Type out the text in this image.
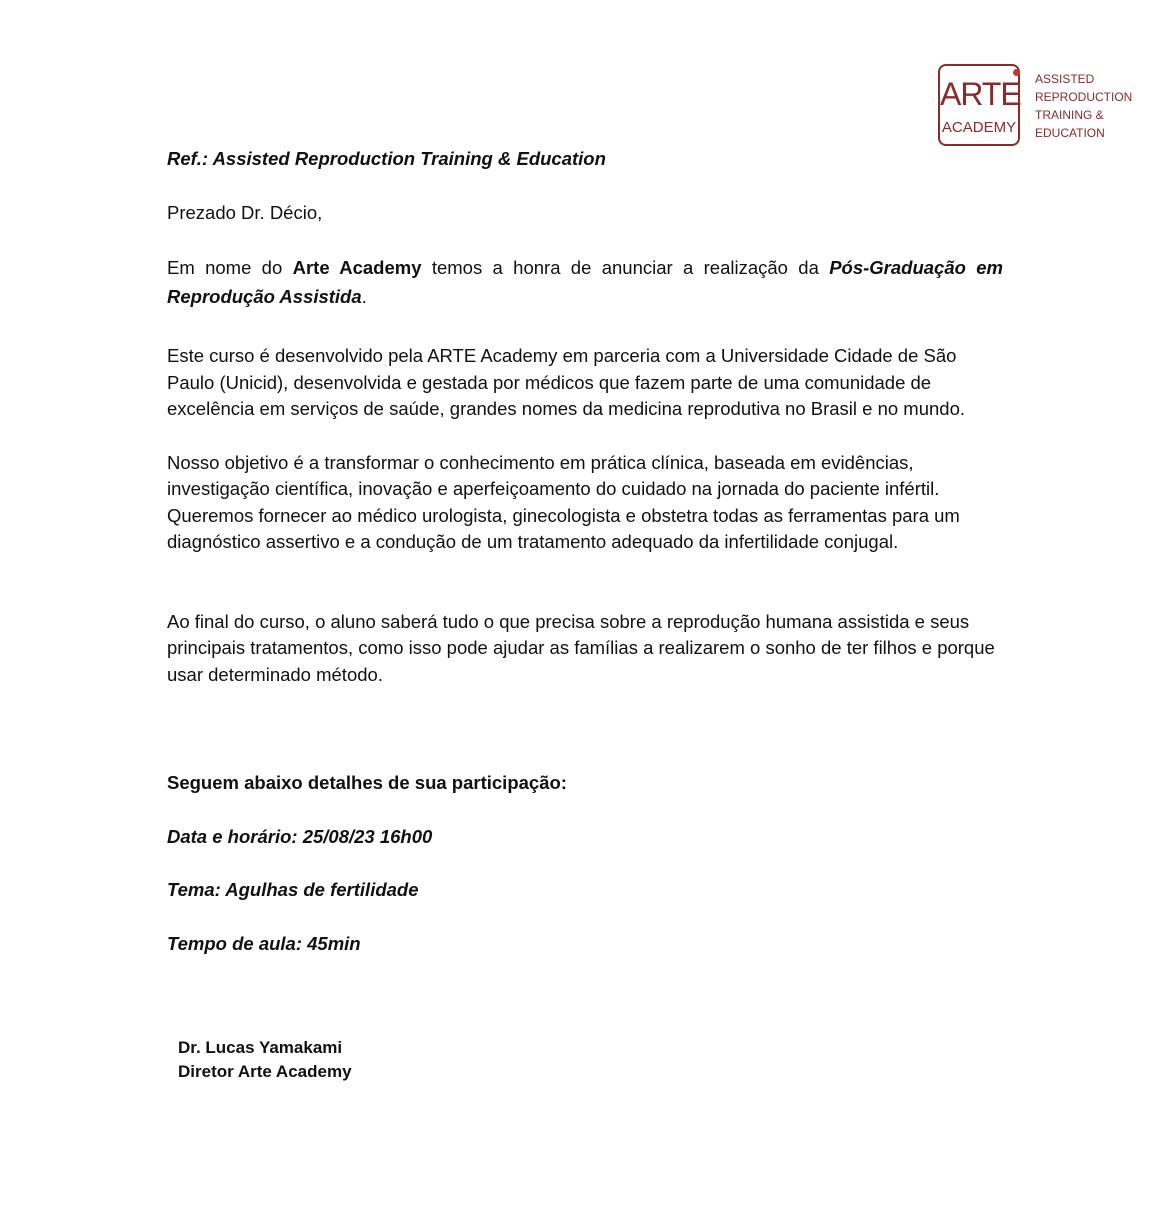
ARTE
ACADEMY
ASSISTED
REPRODUCTION
TRAINING &
EDUCATION

Ref.: Assisted Reproduction Training & Education

Prezado Dr. Décio,

Em nome do Arte Academy temos a honra de anunciar a realização da Pós-Graduação em Reprodução Assistida.

Este curso é desenvolvido pela ARTE Academy em parceria com a Universidade Cidade de São Paulo (Unicid), desenvolvida e gestada por médicos que fazem parte de uma comunidade de excelência em serviços de saúde, grandes nomes da medicina reprodutiva no Brasil e no mundo.

Nosso objetivo é a transformar o conhecimento em prática clínica, baseada em evidências, investigação científica, inovação e aperfeiçoamento do cuidado na jornada do paciente infértil. Queremos fornecer ao médico urologista, ginecologista e obstetra todas as ferramentas para um diagnóstico assertivo e a condução de um tratamento adequado da infertilidade conjugal.

Ao final do curso, o aluno saberá tudo o que precisa sobre a reprodução humana assistida e seus principais tratamentos, como isso pode ajudar as famílias a realizarem o sonho de ter filhos e porque usar determinado método.

Seguem abaixo detalhes de sua participação:

Data e horário: 25/08/23 16h00

Tema: Agulhas de fertilidade

Tempo de aula: 45min

Dr. Lucas Yamakami
Diretor Arte Academy
